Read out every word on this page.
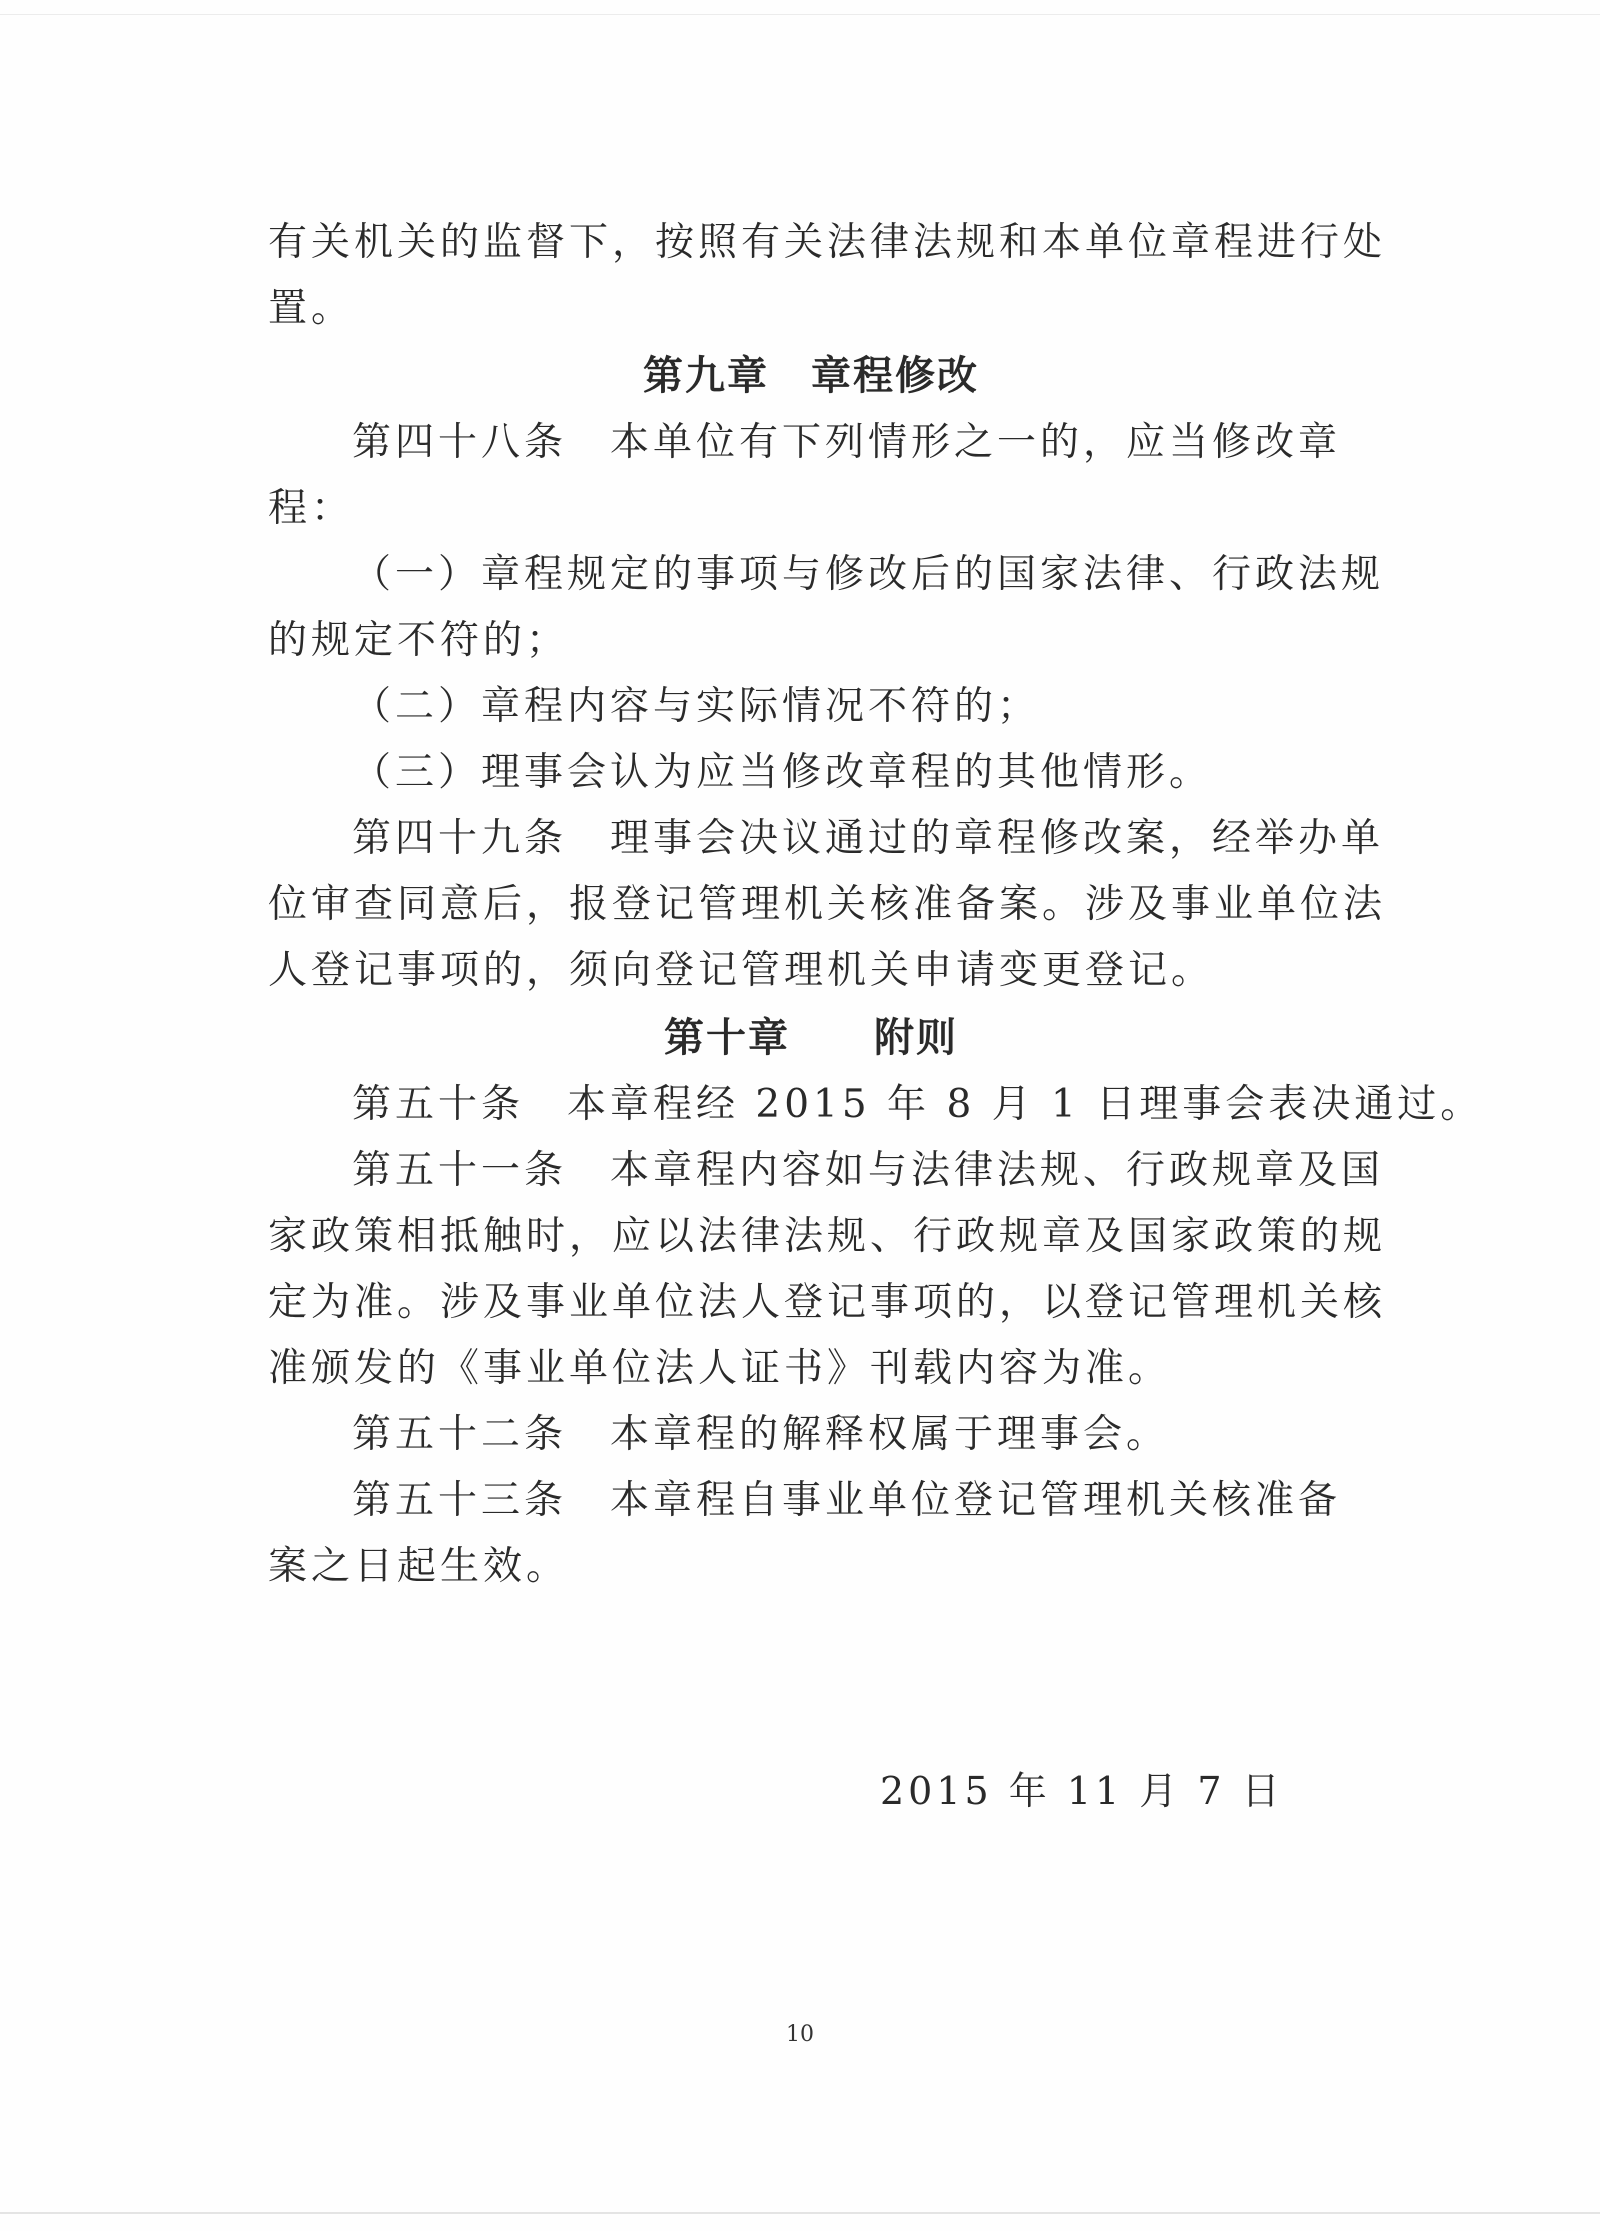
有关机关的监督下，按照有关法律法规和本单位章程进行处
置。
第九章　章程修改
第四十八条　本单位有下列情形之一的，应当修改章
程：
（一）章程规定的事项与修改后的国家法律、行政法规
的规定不符的；
（二）章程内容与实际情况不符的；
（三）理事会认为应当修改章程的其他情形。
第四十九条　理事会决议通过的章程修改案，经举办单
位审查同意后，报登记管理机关核准备案。涉及事业单位法
人登记事项的，须向登记管理机关申请变更登记。
第十章　　附则
第五十条　本章程经 2015 年 8 月 1 日理事会表决通过。
第五十一条　本章程内容如与法律法规、行政规章及国
家政策相抵触时，应以法律法规、行政规章及国家政策的规
定为准。涉及事业单位法人登记事项的，以登记管理机关核
准颁发的《事业单位法人证书》刊载内容为准。
第五十二条　本章程的解释权属于理事会。
第五十三条　本章程自事业单位登记管理机关核准备
案之日起生效。
2015 年 11 月 7 日
10
